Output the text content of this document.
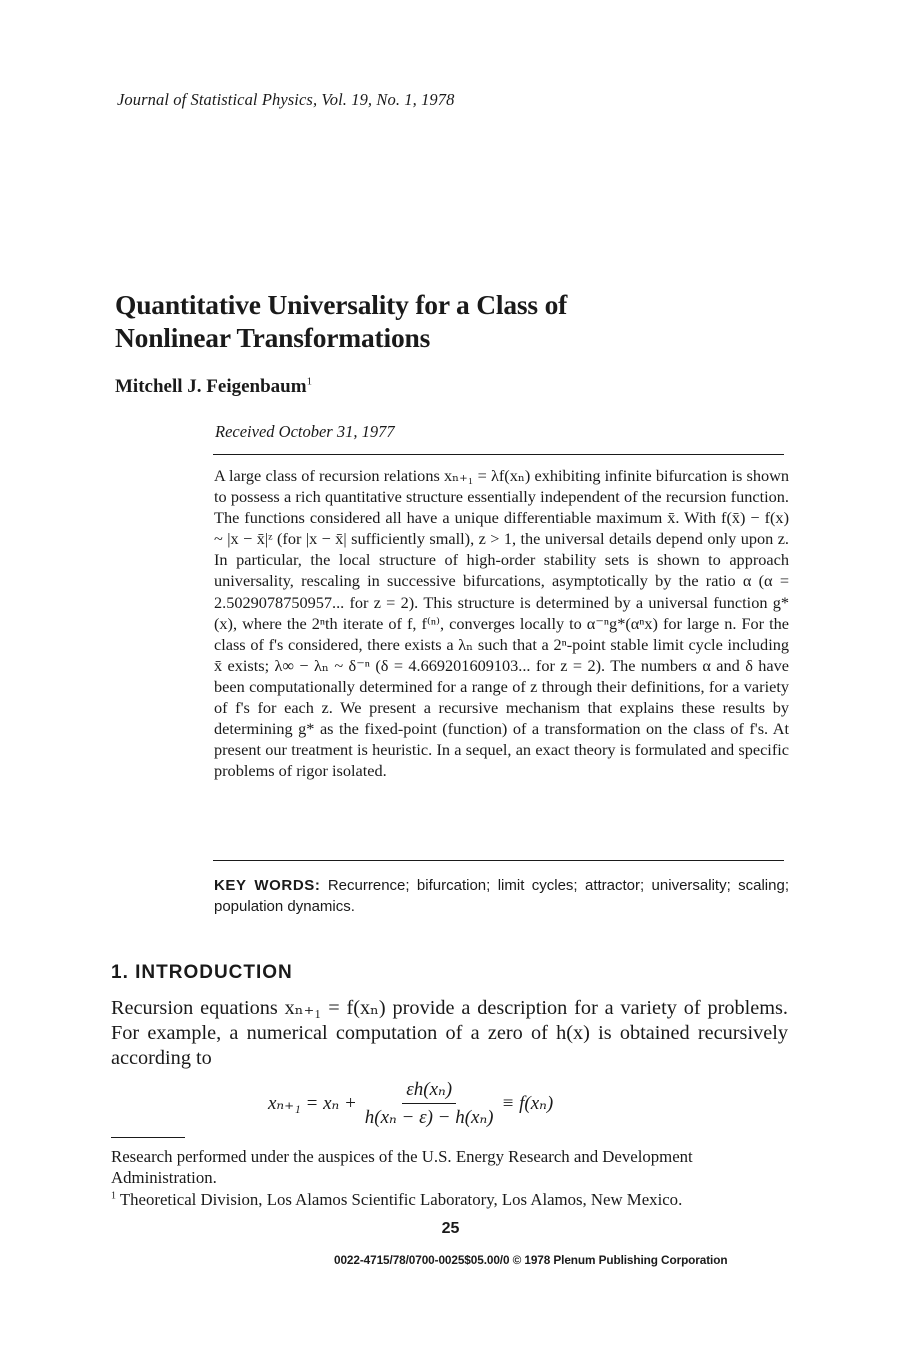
Journal of Statistical Physics, Vol. 19, No. 1, 1978
Quantitative Universality for a Class of
Nonlinear Transformations
Mitchell J. Feigenbaum$^1$
Received October 31, 1977

A large class of recursion relations xₙ₊₁ = λf(xₙ) exhibiting infinite bifurcation is shown to possess a rich quantitative structure essentially independent of the recursion function. The functions considered all have a unique differentiable maximum x̄. With f(x̄) − f(x) ~ |x − x̄|ᶻ (for |x − x̄| sufficiently small), z > 1, the universal details depend only upon z. In particular, the local structure of high-order stability sets is shown to approach universality, rescaling in successive bifurcations, asymptotically by the ratio α (α = 2.5029078750957... for z = 2). This structure is determined by a universal function g*(x), where the 2ⁿth iterate of f, f⁽ⁿ⁾, converges locally to α⁻ⁿg*(αⁿx) for large n. For the class of f's considered, there exists a λₙ such that a 2ⁿ-point stable limit cycle including x̄ exists; λ∞ − λₙ ~ δ⁻ⁿ (δ = 4.669201609103... for z = 2). The numbers α and δ have been computationally determined for a range of z through their definitions, for a variety of f's for each z. We present a recursive mechanism that explains these results by determining g* as the fixed-point (function) of a transformation on the class of f's. At present our treatment is heuristic. In a sequel, an exact theory is formulated and specific problems of rigor isolated.

KEY WORDS: Recurrence; bifurcation; limit cycles; attractor; universality; scaling; population dynamics.
1. INTRODUCTION

Recursion equations xₙ₊₁ = f(xₙ) provide a description for a variety of problems. For example, a numerical computation of a zero of h(x) is obtained recursively according to

$x_{n+1} = x_n + \frac{\text{εh(xₙ)}}{\text{h(xₙ − ε) − h(xₙ)}} \equiv f(x_n)$

Research performed under the auspices of the U.S. Energy Research and Development Administration.

$^1$ Theoretical Division, Los Alamos Scientific Laboratory, Los Alamos, New Mexico.

25
0022-4715/78/0700-0025$05.00/0 © 1978 Plenum Publishing Corporation
